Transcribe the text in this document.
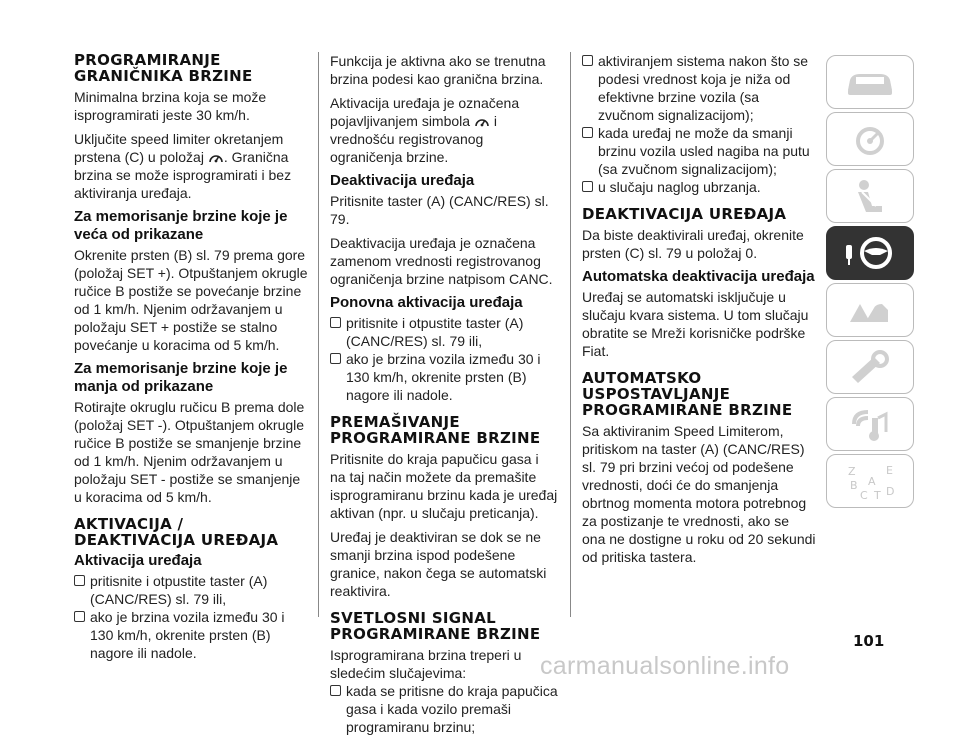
PROGRAMIRANJE
GRANIČNIKA BRZINE

Minimalna brzina koja se može isprogramirati jeste 30 km/h.

Uključite speed limiter okretanjem prstena (C) u položaj . Granična brzina se može isprogramirati i bez aktiviranja uređaja.

Za memorisanje brzine koje je veća od prikazane

Okrenite prsten (B) sl. 79 prema gore (položaj SET +). Otpuštanjem okrugle ručice B postiže se povećanje brzine od 1 km/h. Njenim održavanjem u položaju SET + postiže se stalno povećanje u koracima od 5 km/h.

Za memorisanje brzine koje je manja od prikazane

Rotirajte okruglu ručicu B prema dole (položaj SET -). Otpuštanjem okrugle ručice B postiže se smanjenje brzine od 1 km/h. Njenim održavanjem u položaju SET - postiže se smanjenje u koracima od 5 km/h.

AKTIVACIJA /
DEAKTIVACIJA UREĐAJA
Aktivacija uređaja
pritisnite i otpustite taster (A) (CANC/RES) sl. 79 ili,
ako je brzina vozila između 30 i 130 km/h, okrenite prsten (B) nagore ili nadole.

Funkcija je aktivna ako se trenutna brzina podesi kao granična brzina.

Aktivacija uređaja je označena pojavljivanjem simbola  i vrednošću registrovanog ograničenja brzine.

Deaktivacija uređaja

Pritisnite taster (A) (CANC/RES) sl. 79.

Deaktivacija uređaja je označena zamenom vrednosti registrovanog ograničenja brzine natpisom CANC.

Ponovna aktivacija uređaja
pritisnite i otpustite taster (A) (CANC/RES) sl. 79 ili,
ako je brzina vozila između 30 i 130 km/h, okrenite prsten (B) nagore ili nadole.
PREMAŠIVANJE
PROGRAMIRANE BRZINE

Pritisnite do kraja papučicu gasa i na taj način možete da premašite isprogramiranu brzinu kada je uređaj aktivan (npr. u slučaju preticanja).

Uređaj je deaktiviran se dok se ne smanji brzina ispod podešene granice, nakon čega se automatski reaktivira.

SVETLOSNI SIGNAL
PROGRAMIRANE BRZINE

Isprogramirana brzina treperi u sledećim slučajevima:

kada se pritisne do kraja papučica gasa i kada vozilo premaši programiranu brzinu;
aktiviranjem sistema nakon što se podesi vrednost koja je niža od efektivne brzine vozila (sa zvučnom signalizacijom);
kada uređaj ne može da smanji brzinu vozila usled nagiba na putu (sa zvučnom signalizacijom);
u slučaju naglog ubrzanja.
DEAKTIVACIJA UREĐAJA

Da biste deaktivirali uređaj, okrenite prsten (C) sl. 79 u položaj 0.

Automatska deaktivacija uređaja

Uređaj se automatski isključuje u slučaju kvara sistema. U tom slučaju obratite se Mreži korisničke podrške Fiat.

AUTOMATSKO
USPOSTAVLJANJE
PROGRAMIRANE BRZINE

Sa aktiviranim Speed Limiterom, pritiskom na taster (A) (CANC/RES) sl. 79 pri brzini većoj od podešene vrednosti, doći će do smanjenja obrtnog momenta motora potrebnog za postizanje te vrednosti, ako se ona ne dostigne u roku od 20 sekundi od pritiska tastera.

Z	E
B A
C T D
101
carmanualsonline.info
